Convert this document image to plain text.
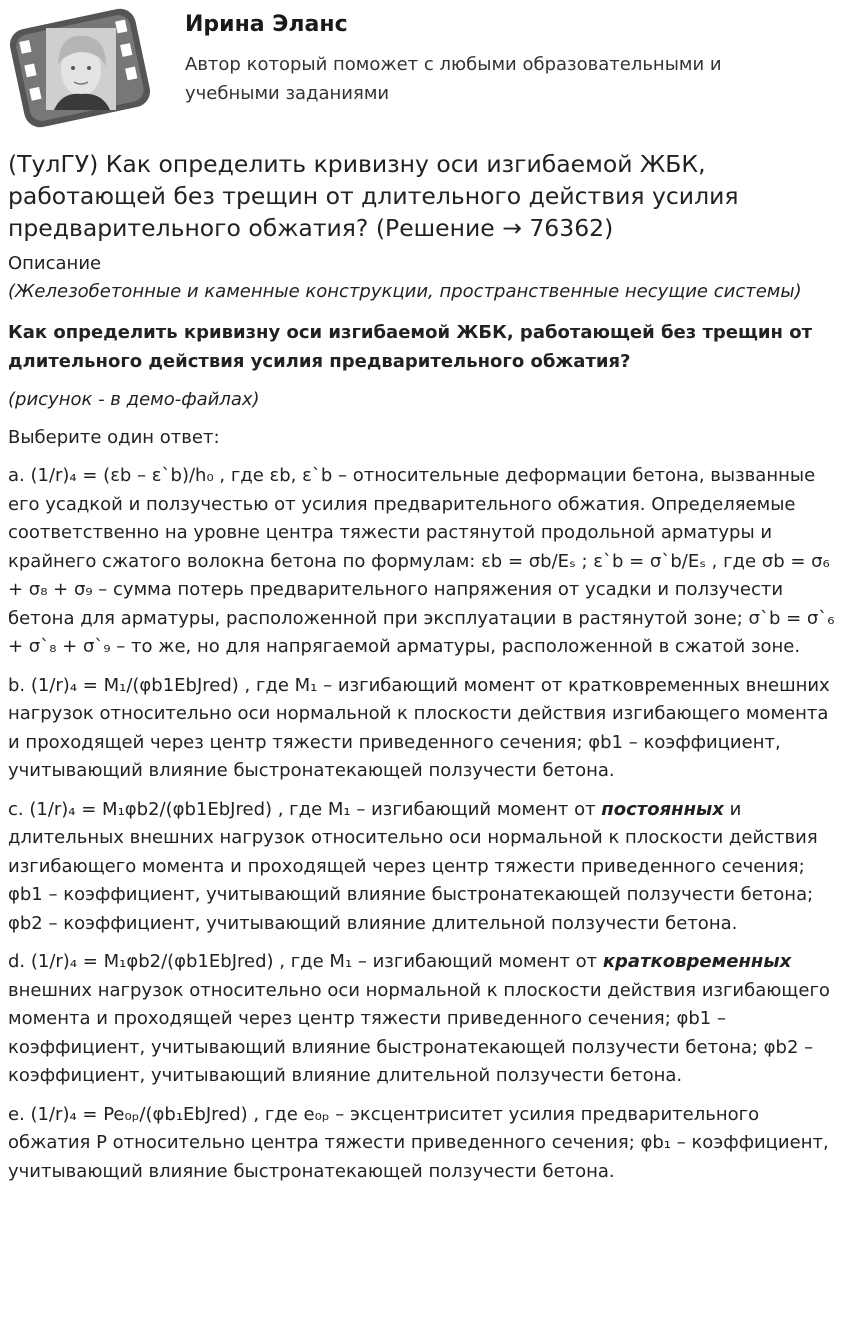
Ирина Эланс
Автор который поможет с любыми образовательными и учебными заданиями
(ТулГУ) Как определить кривизну оси изгибаемой ЖБК, работающей без трещин от длительного действия усилия предварительного обжатия? (Решение → 76362)
Описание
(Железобетонные и каменные конструкции, пространственные несущие системы)
Как определить кривизну оси изгибаемой ЖБК, работающей без трещин от длительного действия усилия предварительного обжатия?
(рисунок - в демо-файлах)
Выберите один ответ:
a. (1/r)₄ = (εb – ε`b)/h₀ , где εb, ε`b – относительные деформации бетона, вызванные его усадкой и ползучестью от усилия предварительного обжатия. Определяемые соответственно на уровне центра тяжести растянутой продольной арматуры и крайнего сжатого волокна бетона по формулам: εb = σb/Eₛ ; ε`b = σ`b/Eₛ , где σb = σ₆ + σ₈ + σ₉ – сумма потерь предварительного напряжения от усадки и ползучести бетона для арматуры, расположенной при эксплуатации в растянутой зоне; σ`b = σ`₆ + σ`₈ + σ`₉ – то же, но для напрягаемой арматуры, расположенной в сжатой зоне.
b. (1/r)₄ = M₁/(φb1EbJred) , где M₁ – изгибающий момент от кратковременных внешних нагрузок относительно оси нормальной к плоскости действия изгибающего момента и проходящей через центр тяжести приведенного сечения; φb1 – коэффициент, учитывающий влияние быстронатекающей ползучести бетона.
c. (1/r)₄ = M₁φb2/(φb1EbJred) , где M₁ – изгибающий момент от постоянных и длительных внешних нагрузок относительно оси нормальной к плоскости действия изгибающего момента и проходящей через центр тяжести приведенного сечения; φb1 – коэффициент, учитывающий влияние быстронатекающей ползучести бетона; φb2 – коэффициент, учитывающий влияние длительной ползучести бетона.
d. (1/r)₄ = M₁φb2/(φb1EbJred) , где M₁ – изгибающий момент от кратковременных внешних нагрузок относительно оси нормальной к плоскости действия изгибающего момента и проходящей через центр тяжести приведенного сечения; φb1 – коэффициент, учитывающий влияние быстронатекающей ползучести бетона; φb2 – коэффициент, учитывающий влияние длительной ползучести бетона.
e. (1/r)₄ = Pe₀ₚ/(φb₁EbJred) , где e₀ₚ – эксцентриситет усилия предварительного обжатия P относительно центра тяжести приведенного сечения; φb₁ – коэффициент, учитывающий влияние быстронатекающей ползучести бетона.
